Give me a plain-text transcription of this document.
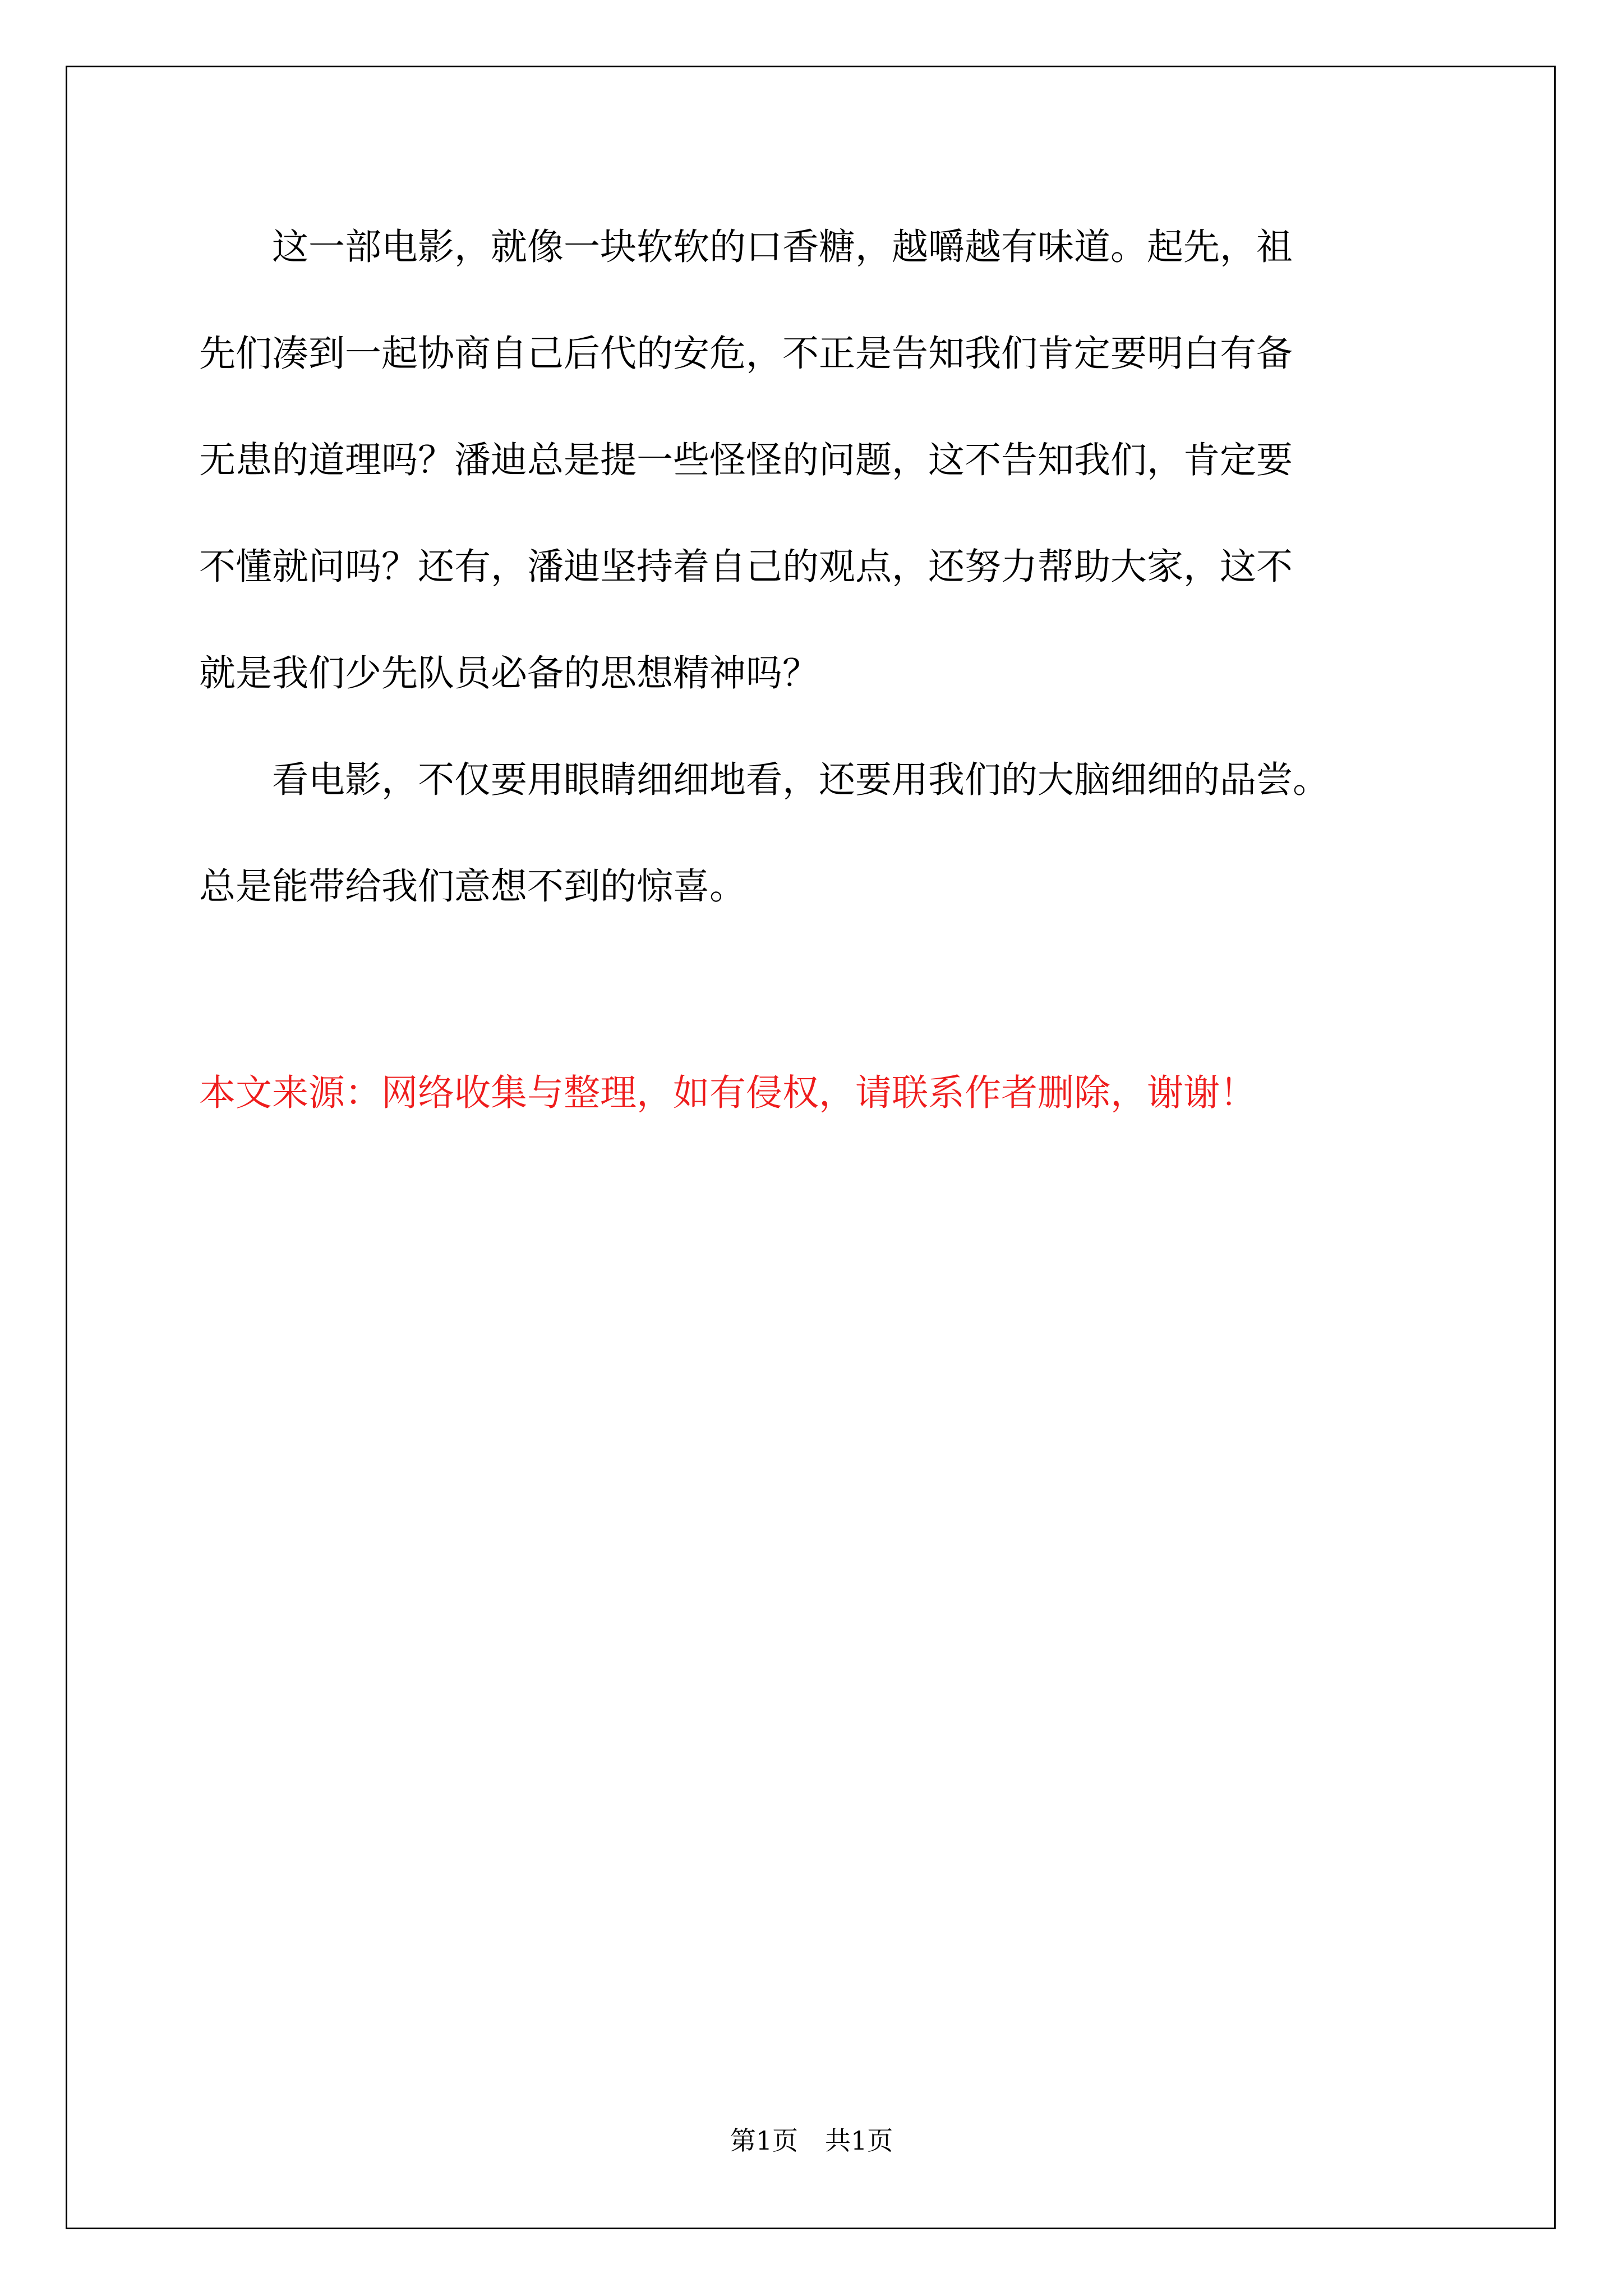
　　这一部电影，就像一块软软的口香糖，越嚼越有味道。起先，祖
先们凑到一起协商自己后代的安危，不正是告知我们肯定要明白有备
无患的道理吗？潘迪总是提一些怪怪的问题，这不告知我们，肯定要
不懂就问吗？还有，潘迪坚持着自己的观点，还努力帮助大家，这不
就是我们少先队员必备的思想精神吗？
　　看电影，不仅要用眼睛细细地看，还要用我们的大脑细细的品尝。
总是能带给我们意想不到的惊喜。
本文来源：网络收集与整理，如有侵权，请联系作者删除，谢谢！
第1页 共1页
